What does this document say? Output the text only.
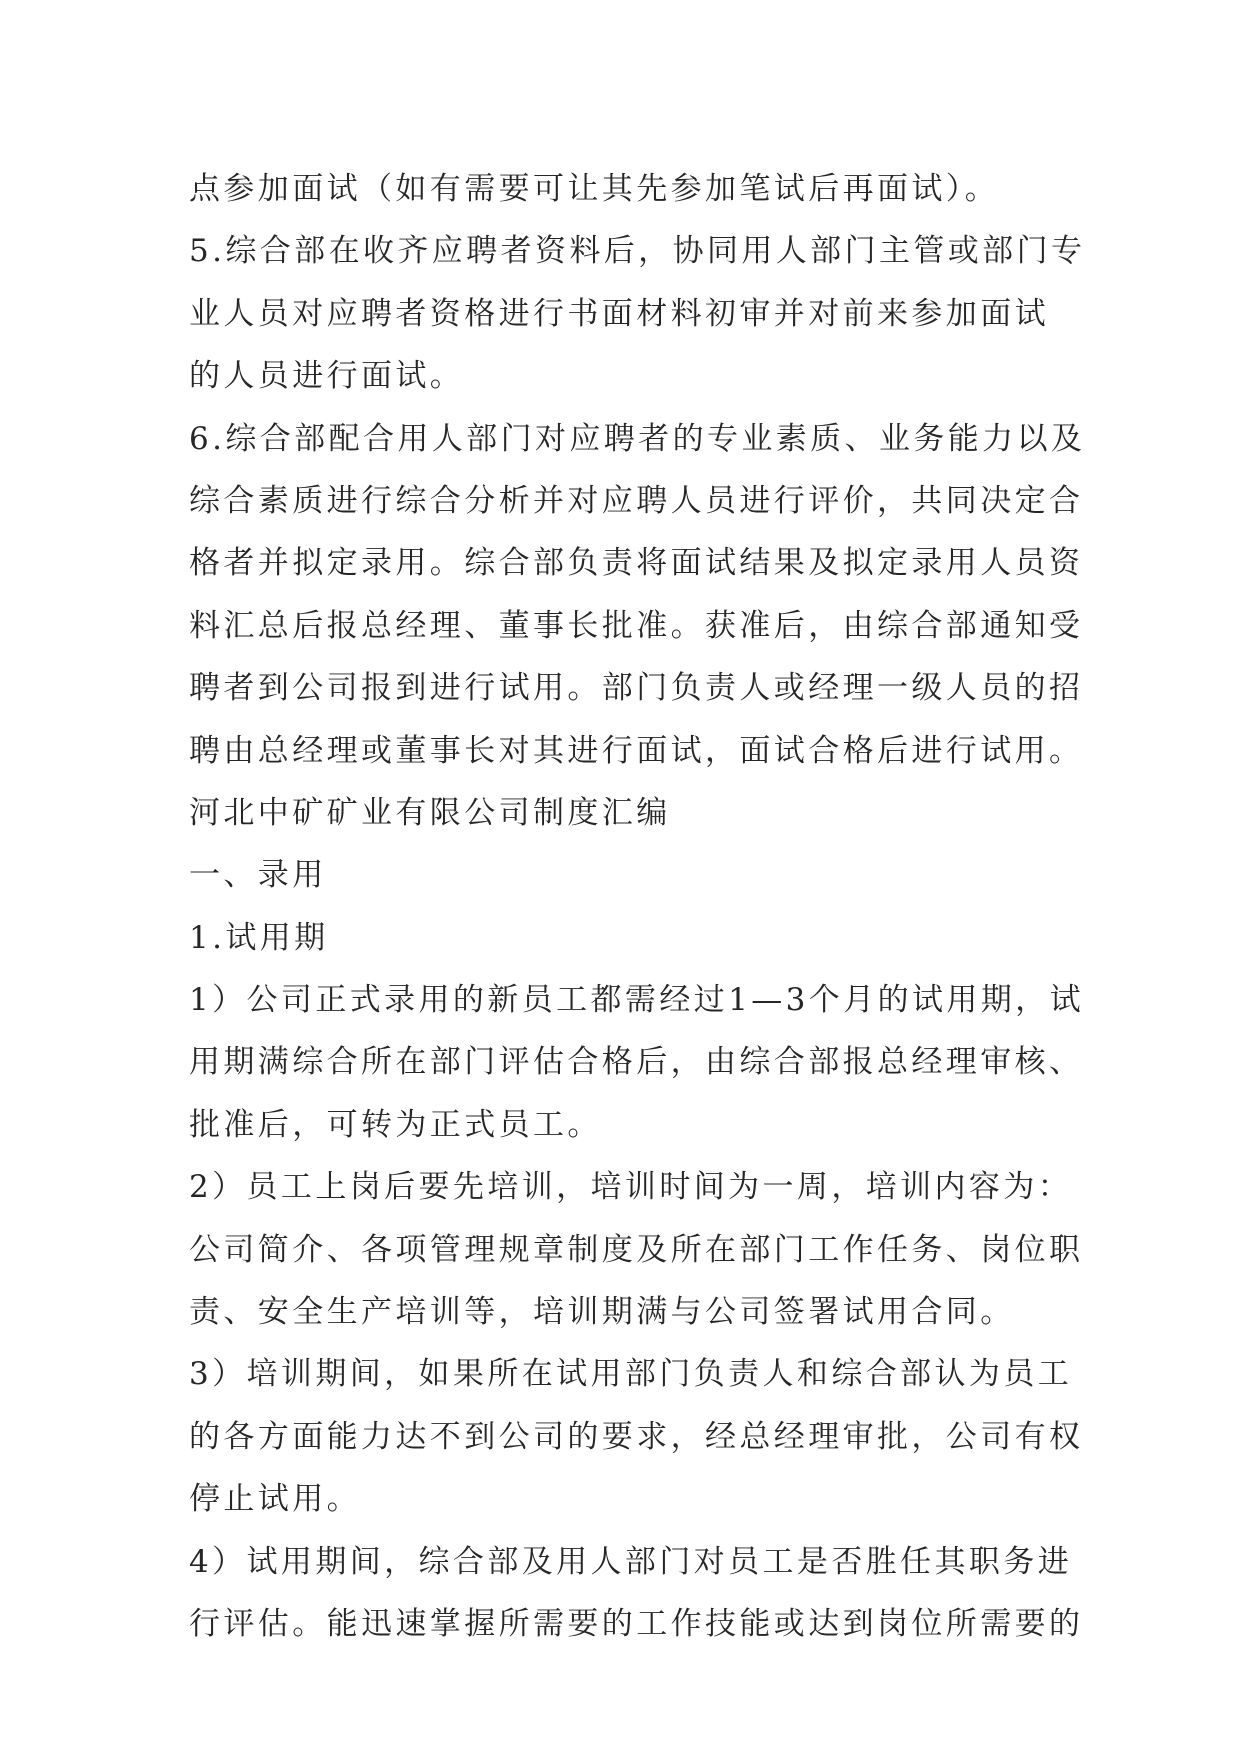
点参加面试（如有需要可让其先参加笔试后再面试）。
5.综合部在收齐应聘者资料后，协同用人部门主管或部门专
业人员对应聘者资格进行书面材料初审并对前来参加面试
的人员进行面试。
6.综合部配合用人部门对应聘者的专业素质、业务能力以及
综合素质进行综合分析并对应聘人员进行评价，共同决定合
格者并拟定录用。综合部负责将面试结果及拟定录用人员资
料汇总后报总经理、董事长批准。获准后，由综合部通知受
聘者到公司报到进行试用。部门负责人或经理一级人员的招
聘由总经理或董事长对其进行面试，面试合格后进行试用。
河北中矿矿业有限公司制度汇编
一、录用
1.试用期
1）公司正式录用的新员工都需经过1—3个月的试用期，试
用期满综合所在部门评估合格后，由综合部报总经理审核、
批准后，可转为正式员工。
2）员工上岗后要先培训，培训时间为一周，培训内容为：
公司简介、各项管理规章制度及所在部门工作任务、岗位职
责、安全生产培训等，培训期满与公司签署试用合同。
3）培训期间，如果所在试用部门负责人和综合部认为员工
的各方面能力达不到公司的要求，经总经理审批，公司有权
停止试用。
4）试用期间，综合部及用人部门对员工是否胜任其职务进
行评估。能迅速掌握所需要的工作技能或达到岗位所需要的
